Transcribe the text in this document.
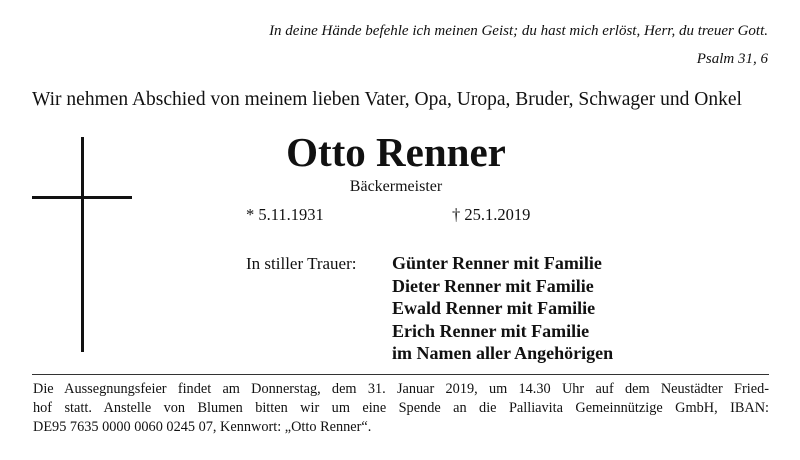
In deine Hände befehle ich meinen Geist; du hast mich erlöst, Herr, du treuer Gott.
Psalm 31, 6
Wir nehmen Abschied von meinem lieben Vater, Opa, Uropa, Bruder, Schwager und Onkel
Otto Renner
Bäckermeister
* 5.11.1931	† 25.1.2019
In stiller Trauer: Günter Renner mit Familie
Dieter Renner mit Familie
Ewald Renner mit Familie
Erich Renner mit Familie
im Namen aller Angehörigen
Die Aussegnungsfeier findet am Donnerstag, dem 31. Januar 2019, um 14.30 Uhr auf dem Neustädter Fried-
hof statt. Anstelle von Blumen bitten wir um eine Spende an die Palliavita Gemeinnützige GmbH, IBAN:
DE95 7635 0000 0060 0245 07, Kennwort: „Otto Renner“.
